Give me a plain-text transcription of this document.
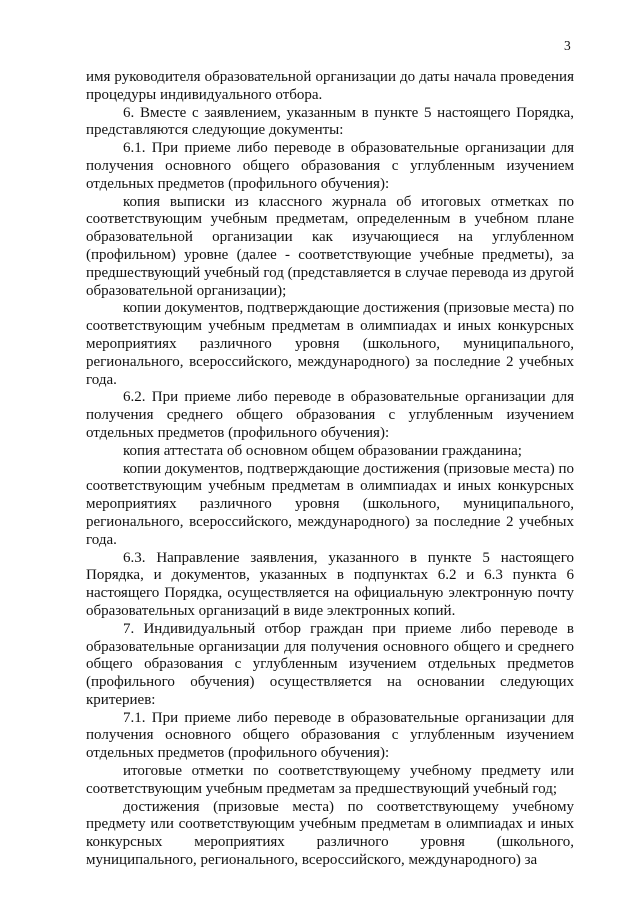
3

имя руководителя образовательной организации до даты начала проведения процедуры индивидуального отбора.

6. Вместе с заявлением, указанным в пункте 5 настоящего Порядка, представляются следующие документы:

6.1. При приеме либо переводе в образовательные организации для получения основного общего образования с углубленным изучением отдельных предметов (профильного обучения):

копия выписки из классного журнала об итоговых отметках по соответствующим учебным предметам, определенным в учебном плане образовательной организации как изучающиеся на углубленном (профильном) уровне (далее - соответствующие учебные предметы), за предшествующий учебный год (представляется в случае перевода из другой образовательной организации);

копии документов, подтверждающие достижения (призовые места) по соответствующим учебным предметам в олимпиадах и иных конкурсных мероприятиях различного уровня (школьного, муниципального, регионального, всероссийского, международного) за последние 2 учебных года.

6.2. При приеме либо переводе в образовательные организации для получения среднего общего образования с углубленным изучением отдельных предметов (профильного обучения):

копия аттестата об основном общем образовании гражданина;

копии документов, подтверждающие достижения (призовые места) по соответствующим учебным предметам в олимпиадах и иных конкурсных мероприятиях различного уровня (школьного, муниципального, регионального, всероссийского, международного) за последние 2 учебных года.

6.3. Направление заявления, указанного в пункте 5 настоящего Порядка, и документов, указанных в подпунктах 6.2 и 6.3 пункта 6 настоящего Порядка, осуществляется на официальную электронную почту образовательных организаций в виде электронных копий.

7. Индивидуальный отбор граждан при приеме либо переводе в образовательные организации для получения основного общего и среднего общего образования с углубленным изучением отдельных предметов (профильного обучения) осуществляется на основании следующих критериев:

7.1. При приеме либо переводе в образовательные организации для получения основного общего образования с углубленным изучением отдельных предметов (профильного обучения):

итоговые отметки по соответствующему учебному предмету или соответствующим учебным предметам за предшествующий учебный год;

достижения (призовые места) по соответствующему учебному предмету или соответствующим учебным предметам в олимпиадах и иных конкурсных мероприятиях различного уровня (школьного, муниципального, регионального, всероссийского, международного) за
